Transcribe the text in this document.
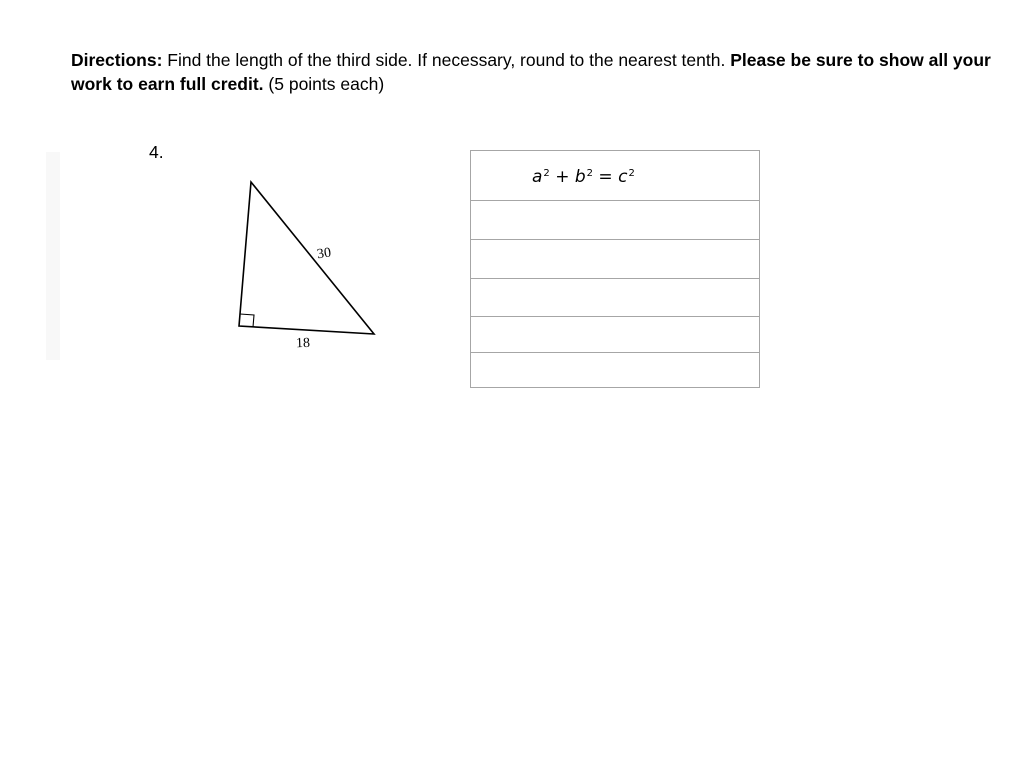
Directions: Find the length of the third side. If necessary, round to the nearest tenth. Please be sure to show all your work to earn full credit. (5 points each)
4.
30
18
$a^2 + b^2 = c^2$
